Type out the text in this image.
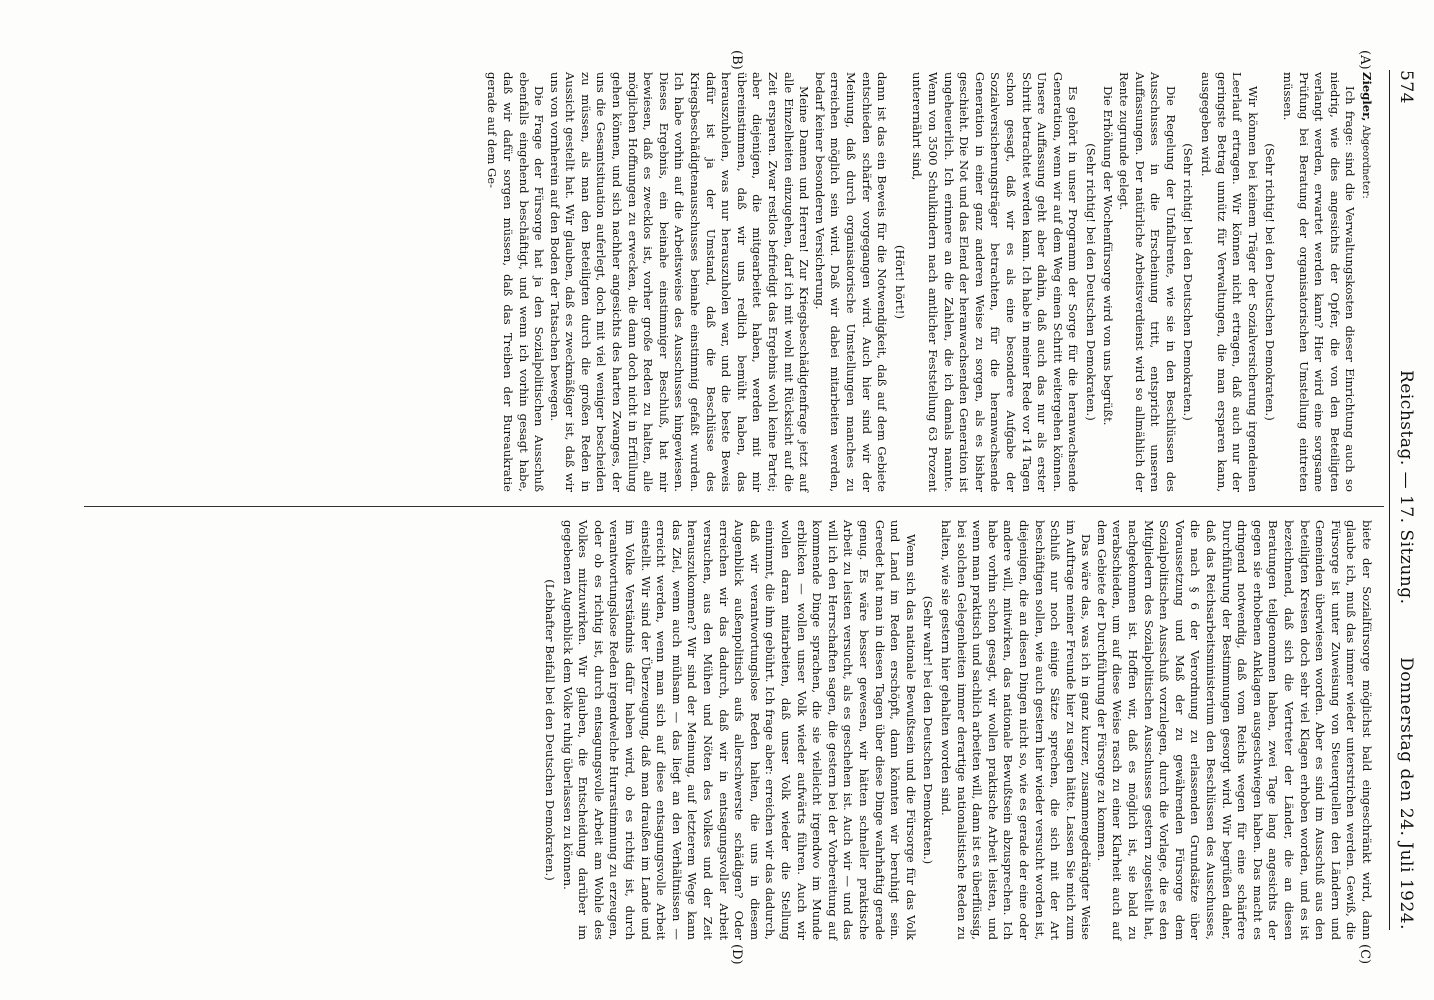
574
Reichstag. — 17. Sitzung.
Donnerstag den 24. Juli 1924.
(A)
(B)
(C)
(D)

Ziegler, Abgeordneter:

Ich frage: sind die Verwaltungskosten dieser Einrichtung auch so niedrig, wie dies angesichts der Opfer, die von den Beteiligten verlangt werden, erwartet werden kann? Hier wird eine sorgsame Prüfung bei Beratung der organisatorischen Umstellung eintreten müssen.

(Sehr richtig! bei den Deutschen Demokraten.)

Wir können bei keinem Träger der Sozialversicherung irgendeinen Leerlauf ertragen. Wir können nicht ertragen, daß auch nur der geringste Betrag unnütz für Verwaltungen, die man ersparen kann, ausgegeben wird.

(Sehr richtig! bei den Deutschen Demokraten.)

Die Regelung der Unfallrente, wie sie in den Beschlüssen des Ausschusses in die Erscheinung tritt, entspricht unseren Auffassungen. Der natürliche Arbeitsverdienst wird so allmählich der Rente zugrunde gelegt.

Die Erhöhung der Wochenfürsorge wird von uns begrüßt.

(Sehr richtig! bei den Deutschen Demokraten.)

Es gehört in unser Programm der Sorge für die heranwachsende Generation, wenn wir auf dem Weg einen Schritt weitergehen können. Unsere Auffassung geht aber dahin, daß auch das nur als erster Schritt betrachtet werden kann. Ich habe in meiner Rede vor 14 Tagen schon gesagt, daß wir es als eine besondere Aufgabe der Sozialversicherungsträger betrachten, für die heranwachsende Generation in einer ganz anderen Weise zu sorgen, als es bisher geschieht. Die Not und das Elend der heranwachsenden Generation ist ungeheuerlich. Ich erinnere an die Zahlen, die ich damals nannte. Wenn von 3500 Schulkindern nach amtlicher Feststellung 63 Prozent unterernährt sind,

(Hört! hört!)

dann ist das ein Beweis für die Notwendigkeit, daß auf dem Gebiete entschieden schärfer vorgegangen wird. Auch hier sind wir der Meinung, daß durch organisatorische Umstellungen manches zu erreichen möglich sein wird. Daß wir dabei mitarbeiten werden, bedarf keiner besonderen Versicherung.

Meine Damen und Herren! Zur Kriegsbeschädigtenfrage jetzt auf alle Einzelheiten einzugehen, darf ich mit wohl mit Rücksicht auf die Zeit ersparen. Zwar restlos befriedigt das Ergebnis wohl keine Partei; aber diejenigen, die mitgearbeitet haben, werden mit mir übereinstimmen, daß wir uns redlich bemüht haben, das herauszuholen, was nur herauszuholen war, und die beste Beweis dafür ist ja der Umstand, daß die Beschlüsse des Kriegsbeschädigtenausschusses beinahe einstimmig gefaßt wurden. Ich habe vorhin auf die Arbeitsweise des Ausschusses hingewiesen. Dieses Ergebnis, ein beinahe einstimmiger Beschluß, hat mir bewiesen, daß es zwecklos ist, vorher große Reden zu halten, alle möglichen Hoffnungen zu erwecken, die dann doch nicht in Erfüllung gehen können, und sich nachher angesichts des harten Zwanges, der uns die Gesamtsituation auferlegt, doch mit viel weniger bescheiden zu müssen, als man den Beteiligten durch die großen Reden in Aussicht gestellt hat. Wir glauben, daß es zweckmäßiger ist, daß wir uns von vornherein auf den Boden der Tatsachen bewegen.

Die Frage der Fürsorge hat ja den Sozialpolitischen Ausschuß ebenfalls eingehend beschäftigt, und wenn ich vorhin gesagt habe, daß wir dafür sorgen müssen, daß das Treiben der Bureaukratie gerade auf dem Ge-

biete der Sozialfürsorge möglichst bald eingeschränkt wird, dann glaube ich, muß das immer wieder unterstrichen werden. Gewiß, die Fürsorge ist unter Zuweisung von Steuerquellen den Ländern und Gemeinden überwiesen worden. Aber es sind im Ausschuß aus den beteiligten Kreisen doch sehr viel Klagen erhoben worden, und es ist bezeichnend, daß sich die Vertreter der Länder, die an diesen Beratungen teilgenommen haben, zwei Tage lang angesichts der gegen sie erhobenen Anklagen ausgeschwiegen haben. Das macht es dringend notwendig, daß vom Reichs wegen für eine schärfere Durchführung der Bestimmungen gesorgt wird. Wir begrüßen daher, daß das Reichsarbeitsministerium den Beschlüssen des Ausschusses, die nach § 6 der Verordnung zu erlassenden Grundsätze über Voraussetzung und Maß der zu gewährenden Fürsorge dem Sozialpolitischen Ausschuß vorzulegen, durch die Vorlage, die es den Mitgliedern des Sozialpolitischen Ausschusses gestern zugestellt hat, nachgekommen ist. Hoffen wir, daß es möglich ist, sie bald zu verabschieden, um auf diese Weise rasch zu einer Klarheit auch auf dem Gebiete der Durchführung der Fürsorge zu kommen.

Das wäre das, was ich in ganz kurzer, zusammengedrängter Weise im Auftrage meiner Freunde hier zu sagen hätte. Lassen Sie mich zum Schluß nur noch einige Sätze sprechen, die sich mit der Art beschäftigen sollen, wie auch gestern hier wieder versucht worden ist, diejenigen, die an diesen Dingen nicht so, wie es gerade der eine oder andere will, mitwirken, das nationale Bewußtsein abzusprechen. Ich habe vorhin schon gesagt, wir wollen praktische Arbeit leisten, und wenn man praktisch und sachlich arbeiten will, dann ist es überflüssig, bei solchen Gelegenheiten immer derartige nationalistische Reden zu halten, wie sie gestern hier gehalten worden sind.

(Sehr wahr! bei den Deutschen Demokraten.)

Wenn sich das nationale Bewußtsein und die Fürsorge für das Volk und Land im Reden erschöpft, dann könnten wir beruhigt sein. Geredet hat man in diesen Tagen über diese Dinge wahrhaftig gerade genug. Es wäre besser gewesen, wir hätten schneller praktische Arbeit zu leisten versucht, als es geschehen ist. Auch wir — und das will ich den Herrschaften sagen, die gestern bei der Vorbereitung auf kommende Dinge sprachen, die sie vielleicht irgendwo im Munde erblicken — wollen unser Volk wieder aufwärts führen. Auch wir wollen daran mitarbeiten, daß unser Volk wieder die Stellung einnimmt, die ihm gebührt. Ich frage aber: erreichen wir das dadurch, daß wir verantwortungslose Reden halten, die uns in diesem Augenblick außenpolitisch aufs allerschwerste schädigen? Oder erreichen wir das dadurch, daß wir in entsagungsvoller Arbeit versuchen, aus den Mühen und Nöten des Volkes und der Zeit herauszukommen? Wir sind der Meinung, auf letzterem Wege kann das Ziel, wenn auch mühsam — das liegt an den Verhältnissen — erreicht werden, wenn man sich auf diese entsagungsvolle Arbeit einstellt. Wir sind der Überzeugung, daß man draußen im Lande und im Volke Verständnis dafür haben wird, ob es richtig ist, durch verantwortungslose Reden irgendwelche Hurrastimmung zu erzeugen, oder ob es richtig ist, durch entsagungsvolle Arbeit am Wohle des Volkes mitzuwirken. Wir glauben, die Entscheidung darüber im gegebenen Augenblick dem Volke ruhig überlassen zu können.

(Lebhafter Beifall bei den Deutschen Demokraten.)
